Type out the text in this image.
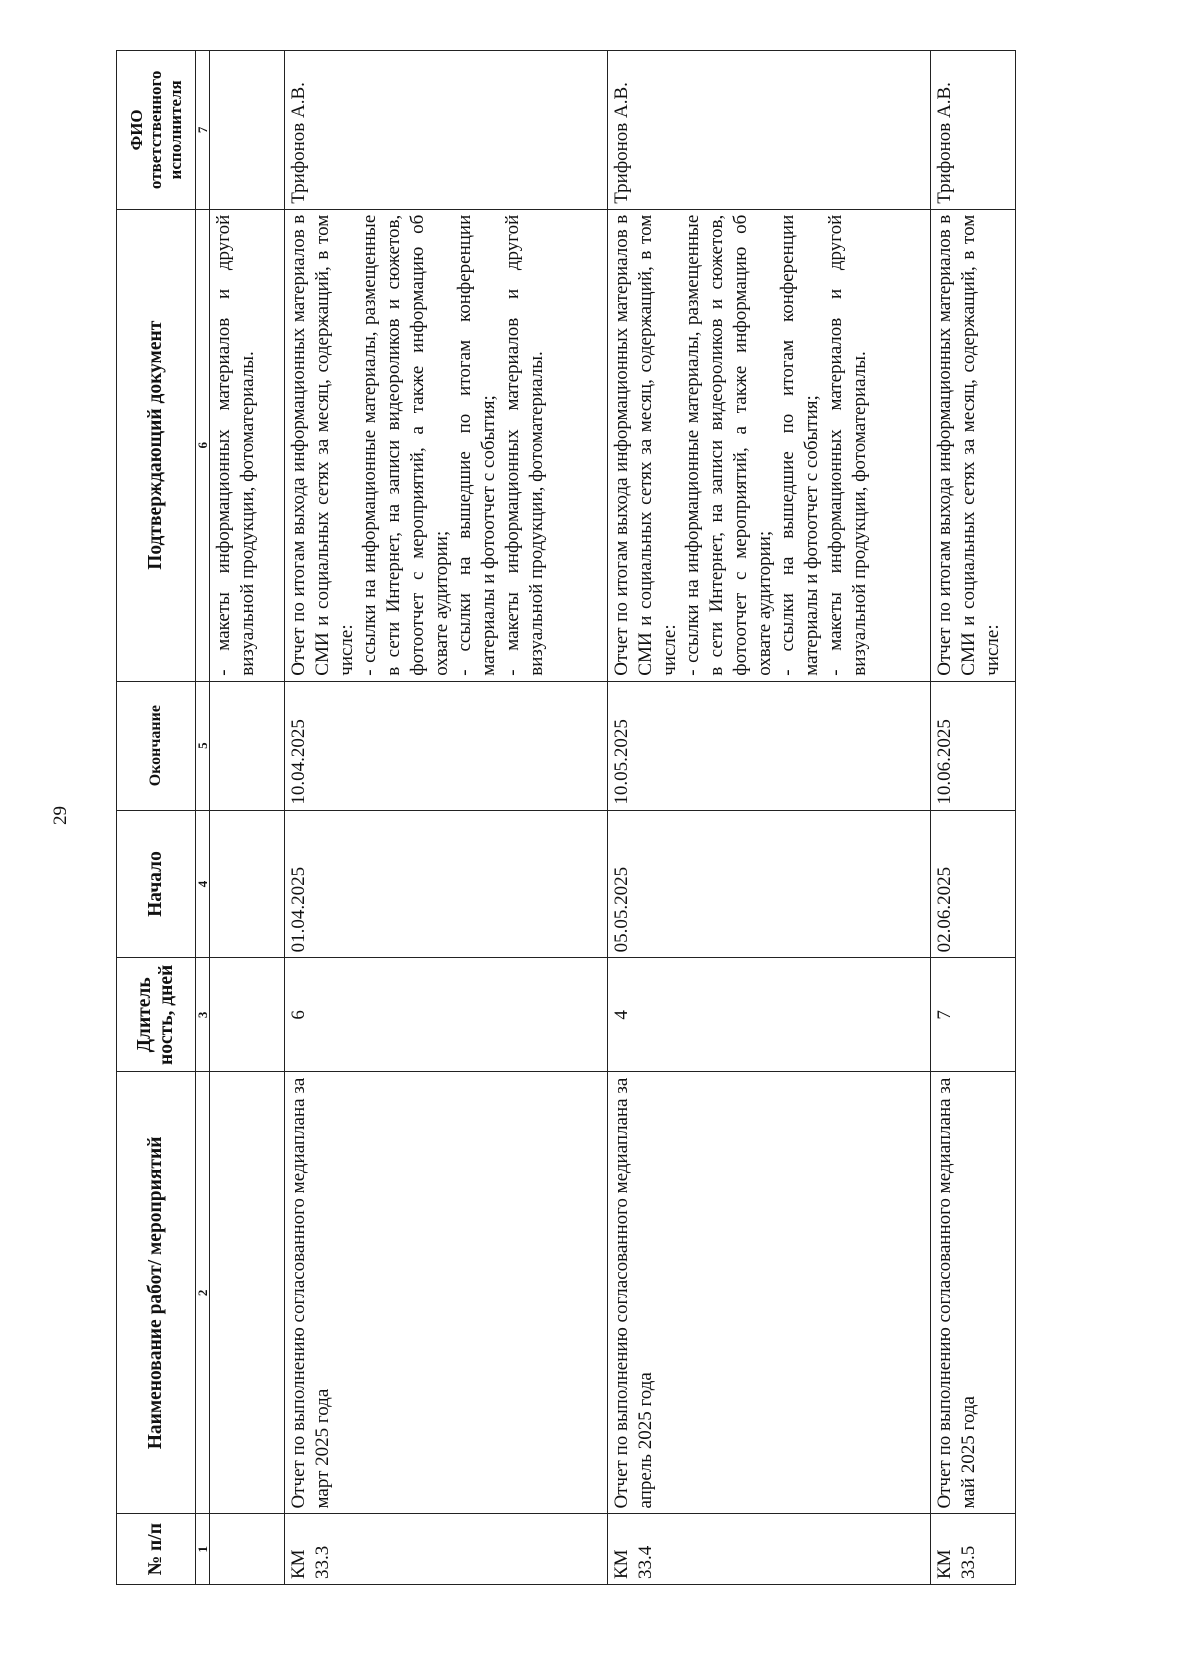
29
№ п/п	Наименование работ/ мероприятий	Длитель ность, дней	Начало	Окончание	Подтверждающий документ	ФИО ответственного исполнителя
1	2	3	4	5	6	7

					- макеты информационных материалов и другой визуальной продукции, фотоматериалы.	

КМ 33.3	Отчет по выполнению согласованного медиаплана за март 2025 года	6	01.04.2025	10.04.2025	Отчет по итогам выхода информационных материалов в СМИ и социальных сетях за месяц, содержащий, в том числе: - ссылки на информационные материалы, размещенные в сети Интернет, на записи видеороликов и сюжетов, фотоотчет с мероприятий, а также информацию об охвате аудитории; - ссылки на вышедшие по итогам конференции материалы и фотоотчет с события; - макеты информационных материалов и другой визуальной продукции, фотоматериалы.	Трифонов А.В.
КМ 33.4	Отчет по выполнению согласованного медиаплана за апрель 2025 года	4	05.05.2025	10.05.2025	Отчет по итогам выхода информационных материалов в СМИ и социальных сетях за месяц, содержащий, в том числе: - ссылки на информационные материалы, размещенные в сети Интернет, на записи видеороликов и сюжетов, фотоотчет с мероприятий, а также информацию об охвате аудитории; - ссылки на вышедшие по итогам конференции материалы и фотоотчет с события; - макеты информационных материалов и другой визуальной продукции, фотоматериалы.	Трифонов А.В.
КМ 33.5	Отчет по выполнению согласованного медиаплана за май 2025 года	7	02.06.2025	10.06.2025	Отчет по итогам выхода информационных материалов в СМИ и социальных сетях за месяц, содержащий, в том числе:	Трифонов А.В.
